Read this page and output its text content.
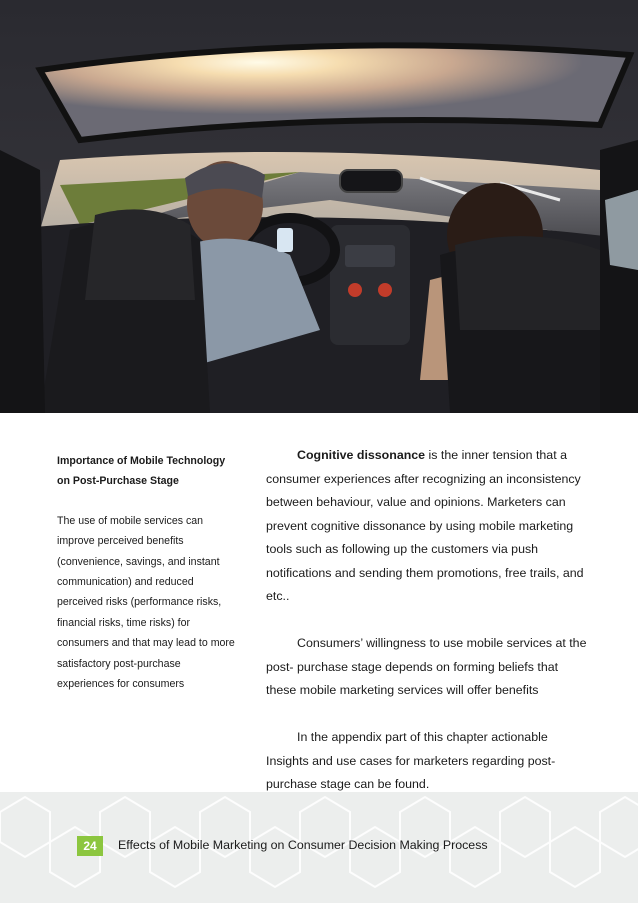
Importance of Mobile Technology on Post-Purchase Stage

The use of mobile services can improve perceived benefits (convenience, savings, and instant communication) and reduced perceived risks (performance risks, financial risks, time risks) for consumers and that may lead to more satisfactory post-purchase experiences for consumers

Cognitive dissonance is the inner tension that a consumer experiences after recognizing an inconsistency between behaviour, value and opinions. Marketers can prevent cognitive dissonance by using mobile marketing tools such as following up the customers via push notifications and sending them promotions, free trails, and etc..

Consumers’ willingness to use mobile services at the post- purchase stage depends on forming beliefs that these mobile marketing services will offer benefits

In the appendix part of this chapter actionable Insights and use cases for marketers regarding post-purchase stage can be found.

24	Effects of Mobile Marketing on Consumer Decision Making Process
